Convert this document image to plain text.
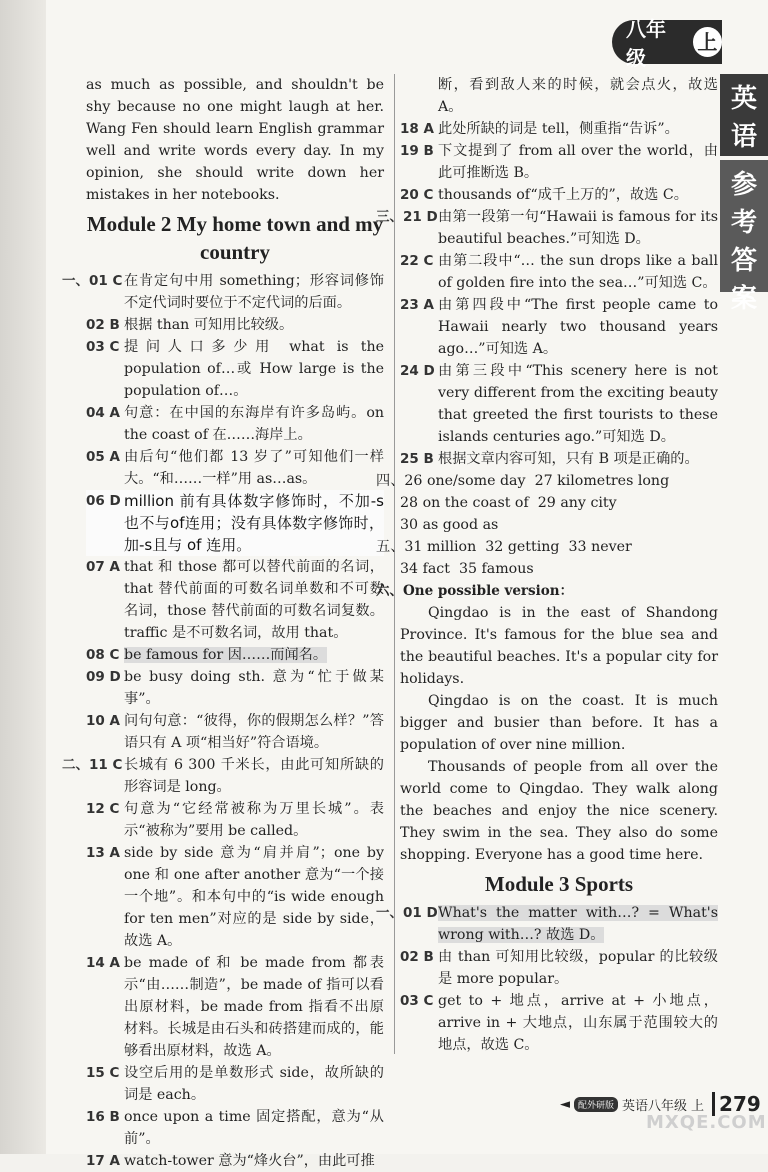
八年级
上
英语
参考答案

as much as possible, and shouldn't be shy because no one might laugh at her. Wang Fen should learn English grammar well and write words every day. In my opinion, she should write down her mistakes in her notebooks.

Module 2 My home town and my country

一、01 C 在肯定句中用 something；形容词修饰不定代词时要位于不定代词的后面。

02 B 根据 than 可知用比较级。

03 C 提问人口多少用 what is the population of…或 How large is the population of…。

04 A 句意：在中国的东海岸有许多岛屿。on the coast of 在……海岸上。

05 A 由后句“他们都 13 岁了”可知他们一样大。“和……一样”用 as…as。

06 D million 前有具体数字修饰时，不加-s也不与of连用；没有具体数字修饰时，加-s且与 of 连用。

07 A that 和 those 都可以替代前面的名词，that 替代前面的可数名词单数和不可数名词，those 替代前面的可数名词复数。traffic 是不可数名词，故用 that。

08 C be famous for 因……而闻名。

09 D be busy doing sth. 意为“忙于做某事”。

10 A 问句句意：“彼得，你的假期怎么样？”答语只有 A 项“相当好”符合语境。

二、11 C 长城有 6 300 千米长，由此可知所缺的形容词是 long。

12 C 句意为“它经常被称为万里长城”。表示“被称为”要用 be called。

13 A side by side 意为“肩并肩”；one by one 和 one after another 意为“一个接一个地”。和本句中的“is wide enough for ten men”对应的是 side by side，故选 A。

14 A be made of 和 be made from 都表示“由……制造”，be made of 指可以看出原材料，be made from 指看不出原材料。长城是由石头和砖搭建而成的，能够看出原材料，故选 A。

15 C 设空后用的是单数形式 side，故所缺的词是 each。

16 B once upon a time 固定搭配，意为“从前”。

17 A watch-tower 意为“烽火台”，由此可推

断，看到敌人来的时候，就会点火，故选 A。

18 A 此处所缺的词是 tell，侧重指“告诉”。

19 B 下文提到了 from all over the world，由此可推断选 B。

20 C thousands of“成千上万的”，故选 C。

三、21 D 由第一段第一句“Hawaii is famous for its beautiful beaches.”可知选 D。

22 C 由第二段中“… the sun drops like a ball of golden fire into the sea…”可知选 C。

23 A 由第四段中“The first people came to Hawaii nearly two thousand years ago…”可知选 A。

24 D 由第三段中“This scenery here is not very different from the exciting beauty that greeted the first tourists to these islands centuries ago.”可知选 D。

25 B 根据文章内容可知，只有 B 项是正确的。

四、26 one/some day 27 kilometres long
28 on the coast of 29 any city
30 as good as
五、31 million 32 getting 33 never
34 fact 35 famous

六、One possible version：

Qingdao is in the east of Shandong Province. It's famous for the blue sea and the beautiful beaches. It's a popular city for holidays.

Qingdao is on the coast. It is much bigger and busier than before. It has a population of over nine million.

Thousands of people from all over the world come to Qingdao. They walk along the beaches and enjoy the nice scenery. They swim in the sea. They also do some shopping. Everyone has a good time here.

Module 3 Sports

一、01 D What's the matter with…? = What's wrong with…? 故选 D。

02 B 由 than 可知用比较级，popular 的比较级是 more popular。

03 C get to + 地点，arrive at + 小地点，arrive in + 大地点，山东属于范围较大的地点，故选 C。

◄ 配外研版 英语八年级 上 279
MXQE.COM
